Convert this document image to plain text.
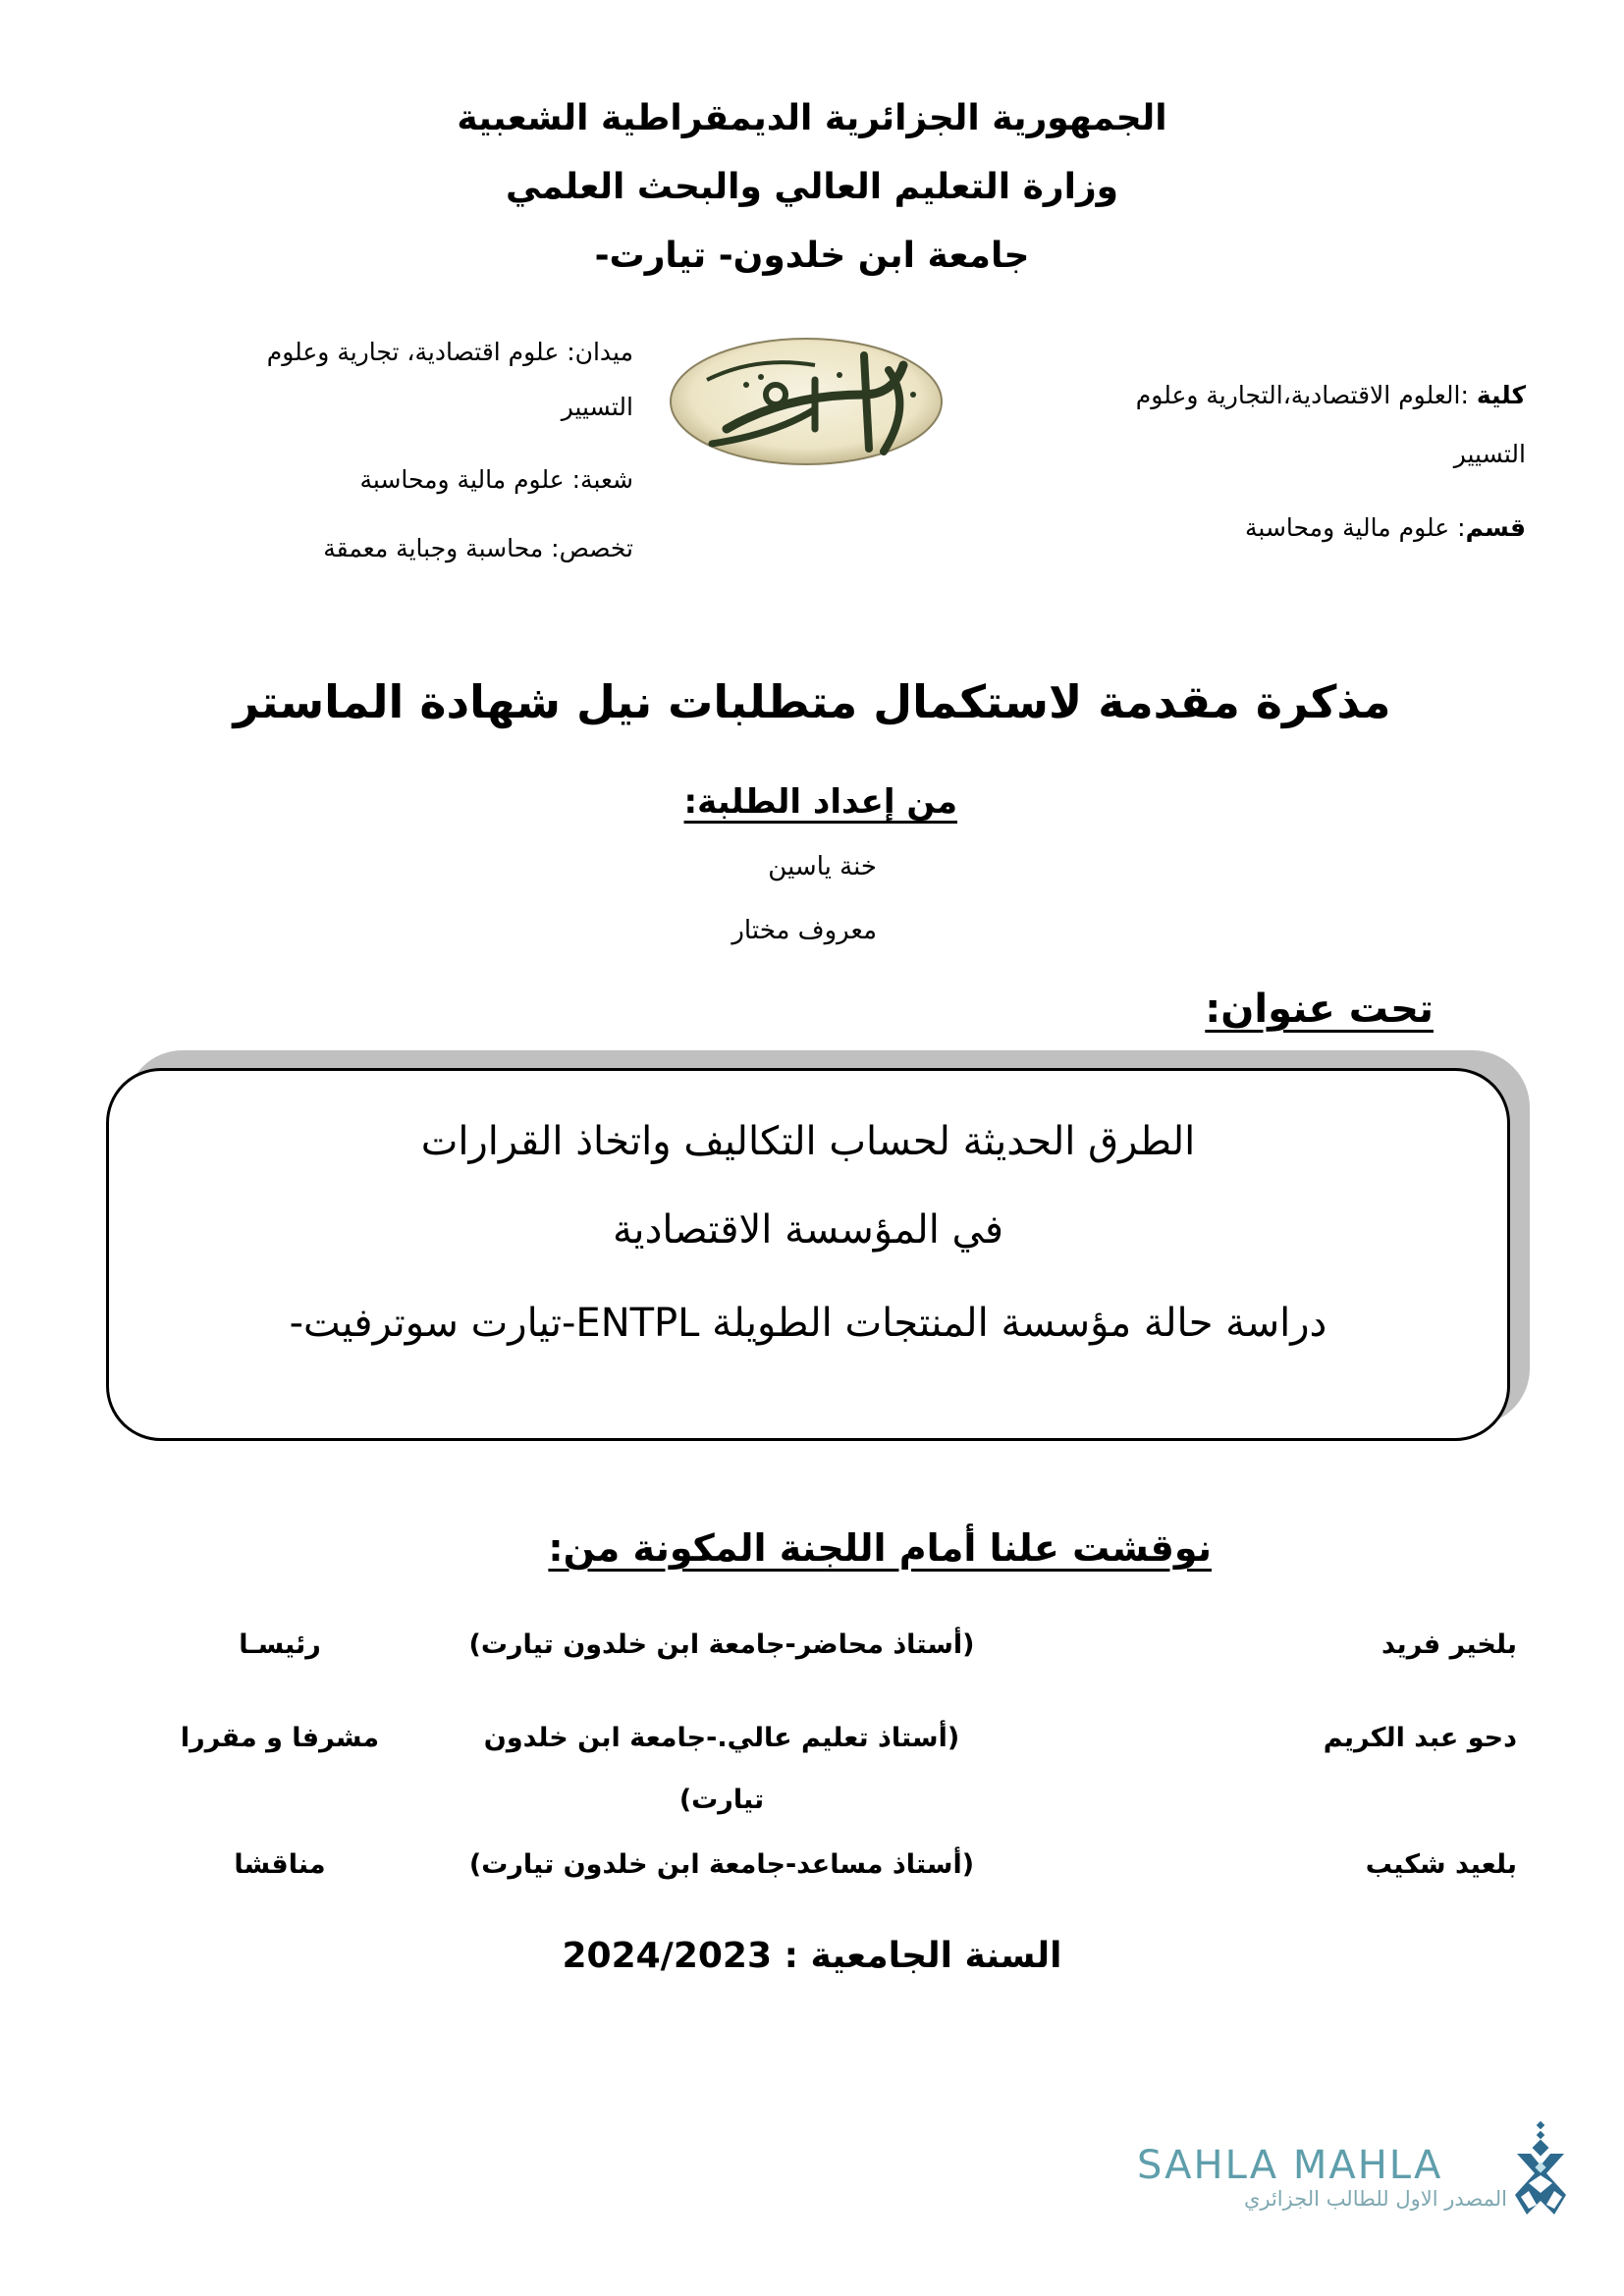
الجمهورية الجزائرية الديمقراطية الشعبية
وزارة التعليم العالي والبحث العلمي
جامعة ابن خلدون- تيارت-
كلية :العلوم الاقتصادية،التجارية وعلوم
التسيير
قسم: علوم مالية ومحاسبة
ميدان: علوم اقتصادية، تجارية وعلوم
التسيير
شعبة: علوم مالية ومحاسبة
تخصص: محاسبة وجباية معمقة
مذكرة مقدمة لاستكمال متطلبات نيل شهادة الماستر
من إعداد الطلبة:
خنة ياسين
معروف مختار
تحت عنوان:
الطرق الحديثة لحساب التكاليف واتخاذ القرارات
في المؤسسة الاقتصادية
دراسة حالة مؤسسة المنتجات الطويلة ENTPL-تيارت سوترفيت-
نوقشت علنا أمام اللجنة المكونة من:
بلخير فريد
(أستاذ محاضر-جامعة ابن خلدون تيارت)
رئيسـا
دحو عبد الكريم
(أستاذ تعليم عالي.-جامعة ابن خلدون
تيارت)
مشرفا و مقررا
بلعيد شكيب
(أستاذ مساعد-جامعة ابن خلدون تيارت)
مناقشا
السنة الجامعية : 2024/2023
SAHLA MAHLA
المصدر الاول للطالب الجزائري
